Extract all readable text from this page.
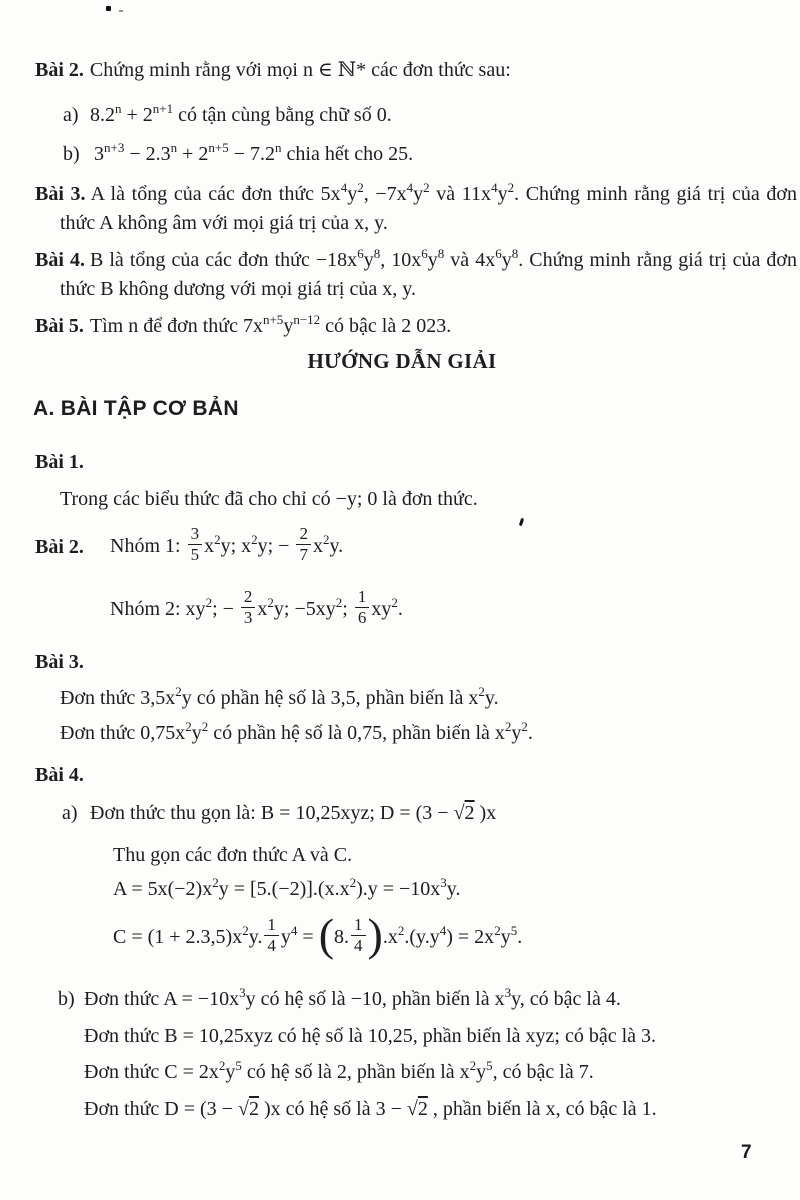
Bài 2. Chứng minh rằng với mọi n ∈ ℕ* các đơn thức sau:

a) $8.2^n + 2^{n+1}$ có tận cùng bằng chữ số 0.
b) $3^{n+3} - 2.3^n + 2^{n+5} - 7.2^n$ chia hết cho 25.

Bài 3. A là tổng của các đơn thức $5x^4y^2$, $-7x^4y^2$ và $11x^4y^2$. Chứng minh rằng giá trị của đơn thức A không âm với mọi giá trị của x, y.

Bài 4. B là tổng của các đơn thức $-18x^6y^8$, $10x^6y^8$ và $4x^6y^8$. Chứng minh rằng giá trị của đơn thức B không dương với mọi giá trị của x, y.

Bài 5. Tìm n để đơn thức $7x^{n+5}y^{n-12}$ có bậc là 2 023.

HƯỚNG DẪN GIẢI
A. BÀI TẬP CƠ BẢN

Bài 1.

Trong các biểu thức đã cho chỉ có −y; 0 là đơn thức.

Bài 2. Nhóm 1: $\frac{3}{5} x^2y$; $x^2y$; − $\frac{2}{7} x^2y$.

Nhóm 2: $xy^2$; − $\frac{2}{3} x^2y$; $-5xy^2$; $\frac{1}{6} xy^2$.

Bài 3.

Đơn thức $3,5x^2y$ có phần hệ số là 3,5, phần biến là $x^2y$.

Đơn thức $0,75x^2y^2$ có phần hệ số là 0,75, phần biến là $x^2y^2$.

Bài 4.

a) Đơn thức thu gọn là: B = 10,25xyz; D = (3 − √2 )x

Thu gọn các đơn thức A và C.

$A = 5x(-2)x^2y = [5.(-2)].(x.x^2).y = -10x^3y$.

$C = (1 + 2.3,5)x^2y$. $\frac{1}{4} y^4 = (8$. $\frac{1}{4} ).x^2.(y.y^4) = 2x^2y^5$.

b) Đơn thức $A = -10x^3y$ có hệ số là −10, phần biến là $x^3y$, có bậc là 4.

Đơn thức B = 10,25xyz có hệ số là 10,25, phần biến là xyz; có bậc là 3.

Đơn thức $C = 2x^2y^5$ có hệ số là 2, phần biến là $x^2y^5$, có bậc là 7.

Đơn thức D = (3 − √2 )x có hệ số là 3 − √2 , phần biến là x, có bậc là 1.

7
